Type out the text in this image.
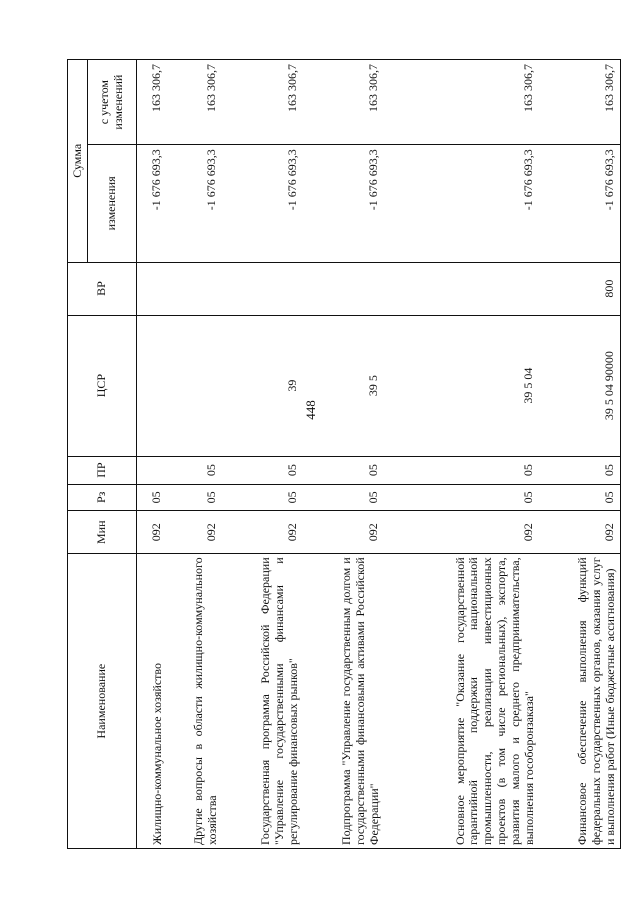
448
Наименование	Мин	Рз	ПР	ЦСР	ВР	Сумма	
						изменения	с учетом изменений
Жилищно-коммунальное хозяйство	092	05				-1 676 693,3	163 306,7
Другие вопросы в области жилищно-коммунального хозяйства	092	05	05			-1 676 693,3	163 306,7
Государственная программа Российской Федерации "Управление государственными финансами и регулирование финансовых рынков"	092	05	05	39		-1 676 693,3	163 306,7
Подпрограмма "Управление государственным долгом и государственными финансовыми активами Российской Федерации"	092	05	05	39 5		-1 676 693,3	163 306,7
Основное мероприятие "Оказание государственной гарантийной поддержки национальной промышленности, реализации инвестиционных проектов (в том числе региональных), экспорта, развития малого и среднего предпринимательства, выполнения гособоронзаказа"	092	05	05	39 5 04		-1 676 693,3	163 306,7
Финансовое обеспечение выполнения функций федеральных государственных органов, оказания услуг и выполнения работ (Иные бюджетные ассигнования)	092	05	05	39 5 04 90000	800	-1 676 693,3	163 306,7
